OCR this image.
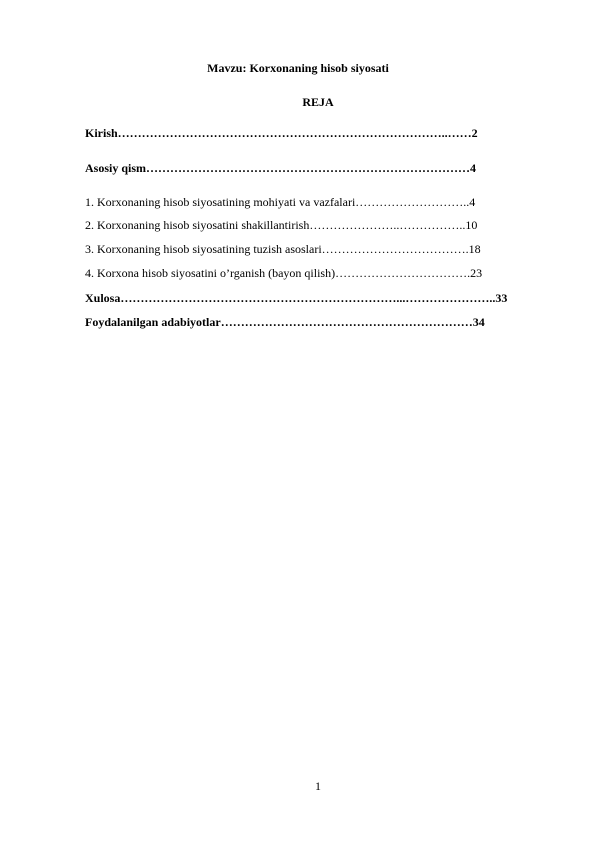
Mavzu: Korxonaning hisob siyosati
REJA
Kirish………………………………………………………………………..……2
Asosiy qism………………………………………………………………………4
1. Korxonaning hisob siyosatining mohiyati va vazfalari………………………..4
2. Korxonaning hisob siyosatini shakillantirish…………………..……………..10
3. Korxonaning hisob siyosatining tuzish asoslari……………………………….18
4. Korxona hisob siyosatini o’rganish (bayon qilish)…………………………….23
Xulosa……………………………………………………………...…………………..33
Foydalanilgan adabiyotlar………………………………………………………34
1
